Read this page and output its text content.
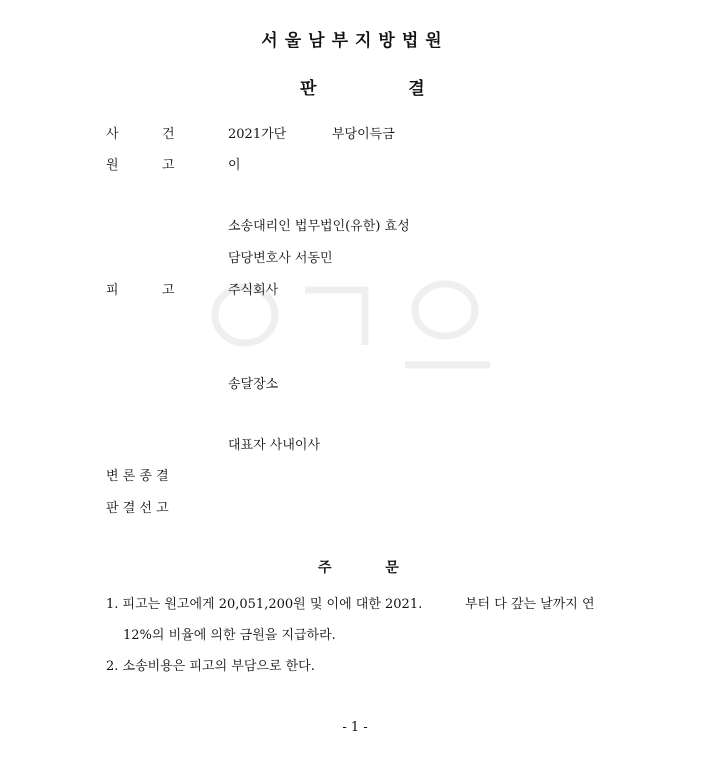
서울남부지방법원
판	결
사	건	2021가단	부당이득금
원	고	이
소송대리인 법무법인(유한) 효성
담당변호사 서동민
피	고	주식회사
송달장소
대표자 사내이사
변 론 종 결
판 결 선 고
주	문
1. 피고는 원고에게 20,051,200원 및 이에 대한 2021.	부터 다 갚는 날까지 연
12%의 비율에 의한 금원을 지급하라.
2. 소송비용은 피고의 부담으로 한다.
- 1 -
